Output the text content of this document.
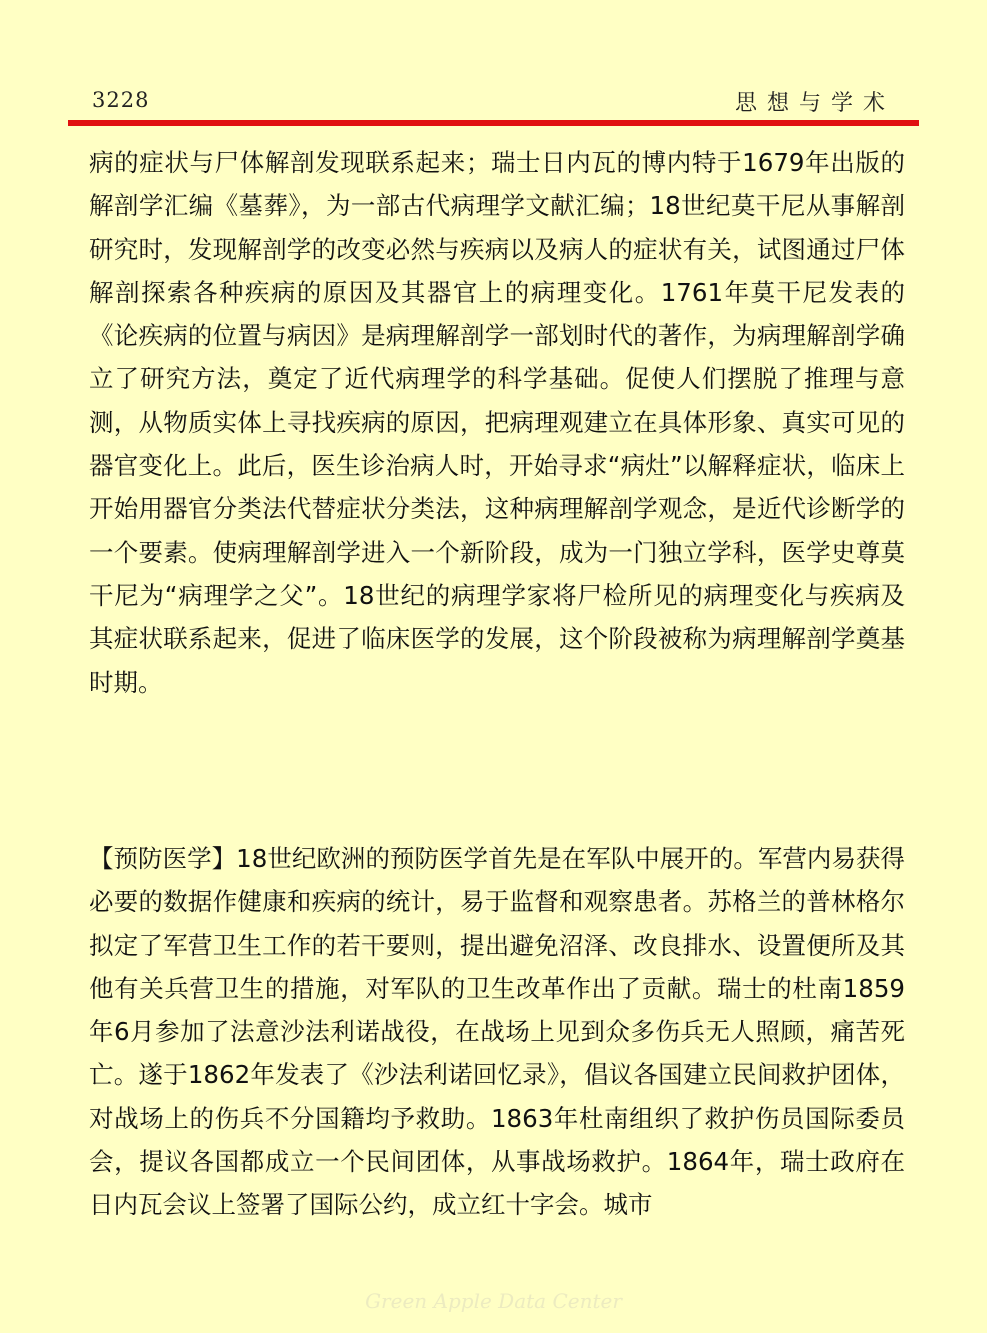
3228	思想与学术

病的症状与尸体解剖发现联系起来；瑞士日内瓦的博内特于1679年出版的解剖学汇编《墓葬》，为一部古代病理学文献汇编；18世纪莫干尼从事解剖研究时，发现解剖学的改变必然与疾病以及病人的症状有关，试图通过尸体解剖探索各种疾病的原因及其器官上的病理变化。1761年莫干尼发表的《论疾病的位置与病因》是病理解剖学一部划时代的著作，为病理解剖学确立了研究方法，奠定了近代病理学的科学基础。促使人们摆脱了推理与意测，从物质实体上寻找疾病的原因，把病理观建立在具体形象、真实可见的器官变化上。此后，医生诊治病人时，开始寻求“病灶”以解释症状，临床上开始用器官分类法代替症状分类法，这种病理解剖学观念，是近代诊断学的一个要素。使病理解剖学进入一个新阶段，成为一门独立学科，医学史尊莫干尼为“病理学之父”。18世纪的病理学家将尸检所见的病理变化与疾病及其症状联系起来，促进了临床医学的发展，这个阶段被称为病理解剖学奠基时期。

【预防医学】18世纪欧洲的预防医学首先是在军队中展开的。军营内易获得必要的数据作健康和疾病的统计，易于监督和观察患者。苏格兰的普林格尔拟定了军营卫生工作的若干要则，提出避免沼泽、改良排水、设置便所及其他有关兵营卫生的措施，对军队的卫生改革作出了贡献。瑞士的杜南1859年6月参加了法意沙法利诺战役，在战场上见到众多伤兵无人照顾，痛苦死亡。遂于1862年发表了《沙法利诺回忆录》，倡议各国建立民间救护团体，对战场上的伤兵不分国籍均予救助。1863年杜南组织了救护伤员国际委员会，提议各国都成立一个民间团体，从事战场救护。1864年，瑞士政府在日内瓦会议上签署了国际公约，成立红十字会。城市

Green Apple Data Center
